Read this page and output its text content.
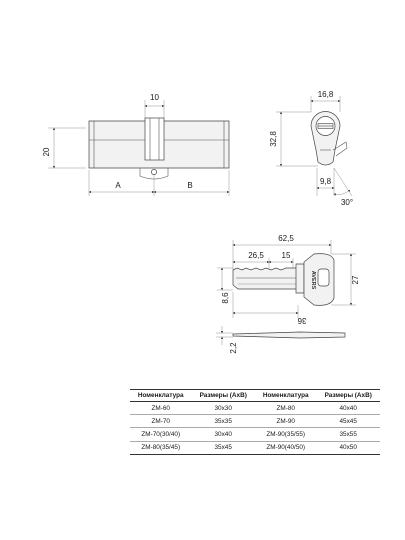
10
20
A	B
16,8
32,8
9,8
30°
AVERS
62,5
26,5 15
27
8,6
36
2,2
Номенклатура	Размеры (АхВ)	Номенклатура	Размеры (АхВ)
ZM-60	30x30	ZM-80	40x40
ZM-70	35x35	ZM-90	45x45
ZM-70(30/40)	30x40	ZM-90(35/55)	35x55
ZM-80(35/45)	35x45	ZM-90(40/50)	40x50
